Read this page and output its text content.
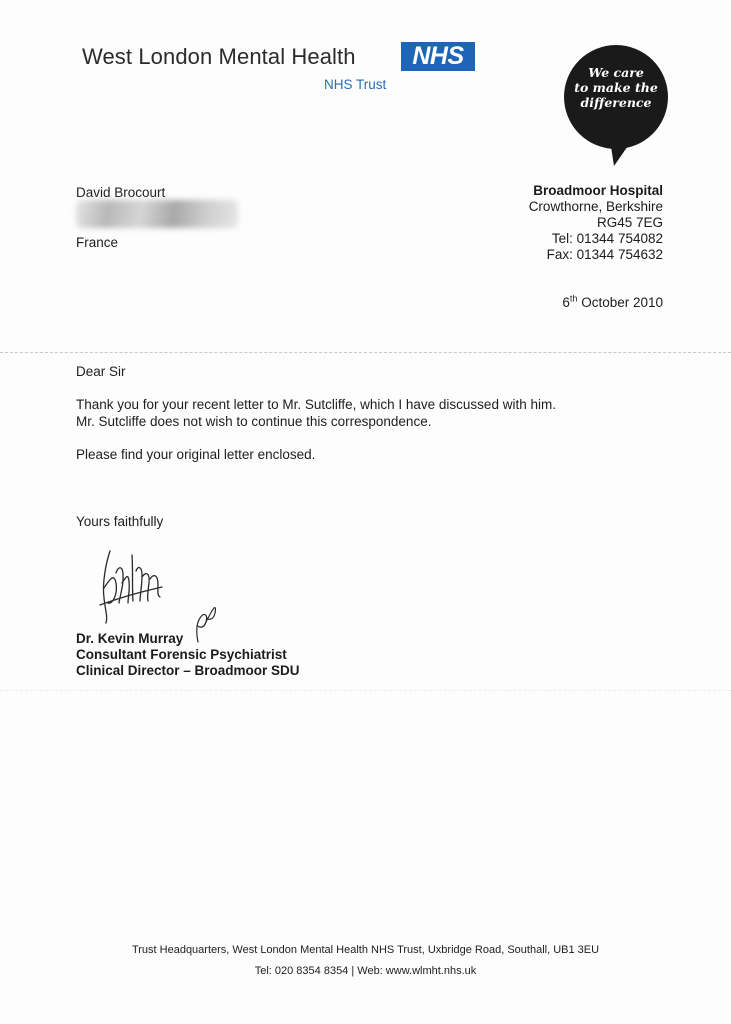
West London Mental Health	NHS
NHS Trust
We care
to make the
difference
David Brocourt
France
Broadmoor Hospital
Crowthorne, Berkshire
RG45 7EG
Tel: 01344 754082
Fax: 01344 754632
6th October 2010
Dear Sir
Thank you for your recent letter to Mr. Sutcliffe, which I have discussed with him.
Mr. Sutcliffe does not wish to continue this correspondence.
Please find your original letter enclosed.
Yours faithfully
Dr. Kevin Murray
Consultant Forensic Psychiatrist
Clinical Director – Broadmoor SDU
Trust Headquarters, West London Mental Health NHS Trust, Uxbridge Road, Southall, UB1 3EU
Tel: 020 8354 8354 | Web: www.wlmht.nhs.uk
